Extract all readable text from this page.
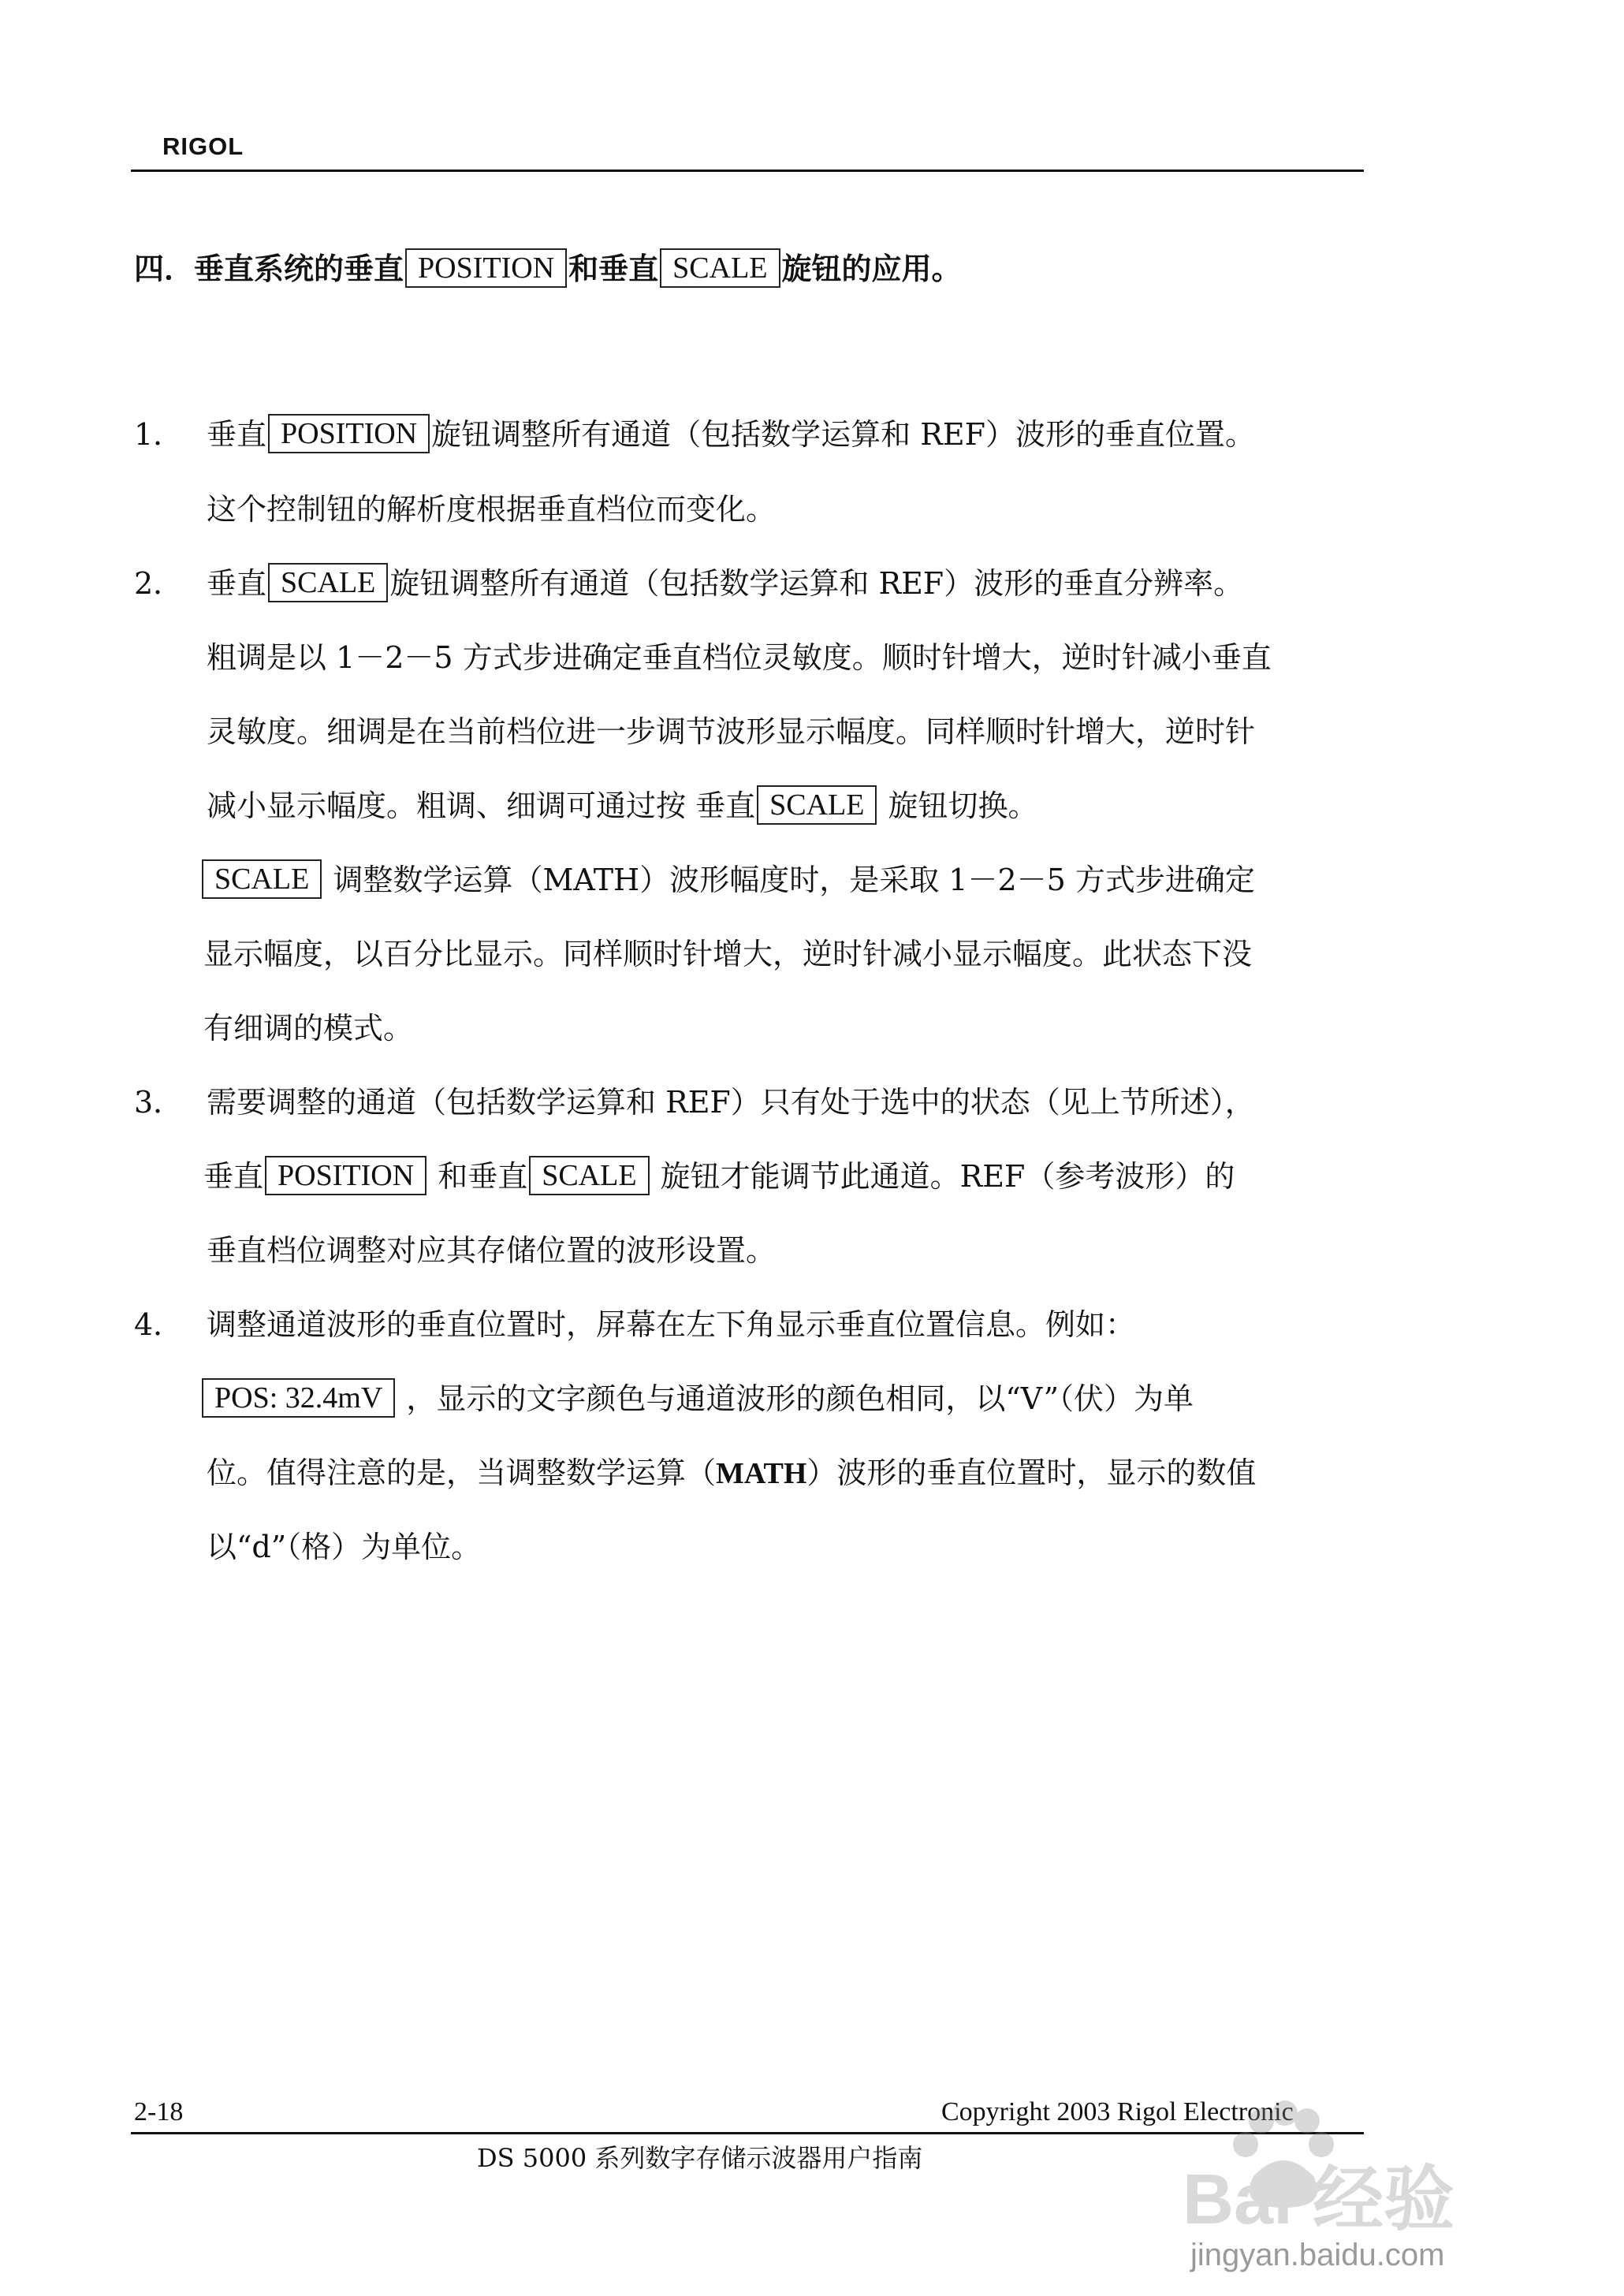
RIGOL
四．垂直系统的垂直 POSITION 和垂直 SCALE 旋钮的应用。
1． 垂直 POSITION 旋钮调整所有通道（包括数学运算和 REF）波形的垂直位置。
这个控制钮的解析度根据垂直档位而变化。
2． 垂直 SCALE 旋钮调整所有通道（包括数学运算和 REF）波形的垂直分辨率。
粗调是以 1－2－5 方式步进确定垂直档位灵敏度。顺时针增大，逆时针减小垂直
灵敏度。细调是在当前档位进一步调节波形显示幅度。同样顺时针增大，逆时针
减小显示幅度。粗调、细调可通过按 垂直 SCALE 旋钮切换。
SCALE 调整数学运算（MATH）波形幅度时，是采取 1－2－5 方式步进确定
显示幅度，以百分比显示。同样顺时针增大，逆时针减小显示幅度。此状态下没
有细调的模式。
3． 需要调整的通道（包括数学运算和 REF）只有处于选中的状态（见上节所述），
垂直 POSITION 和垂直 SCALE 旋钮才能调节此通道。REF（参考波形）的
垂直档位调整对应其存储位置的波形设置。
4． 调整通道波形的垂直位置时，屏幕在左下角显示垂直位置信息。例如：
POS: 32.4mV ，显示的文字颜色与通道波形的颜色相同，以“V”（伏）为单
位。值得注意的是，当调整数学运算（MATH）波形的垂直位置时，显示的数值
以“d”（格）为单位。
2-18	Copyright 2003 Rigol Electronic
DS 5000 系列数字存储示波器用户指南
Bai 经验
jingyan.baidu.com
